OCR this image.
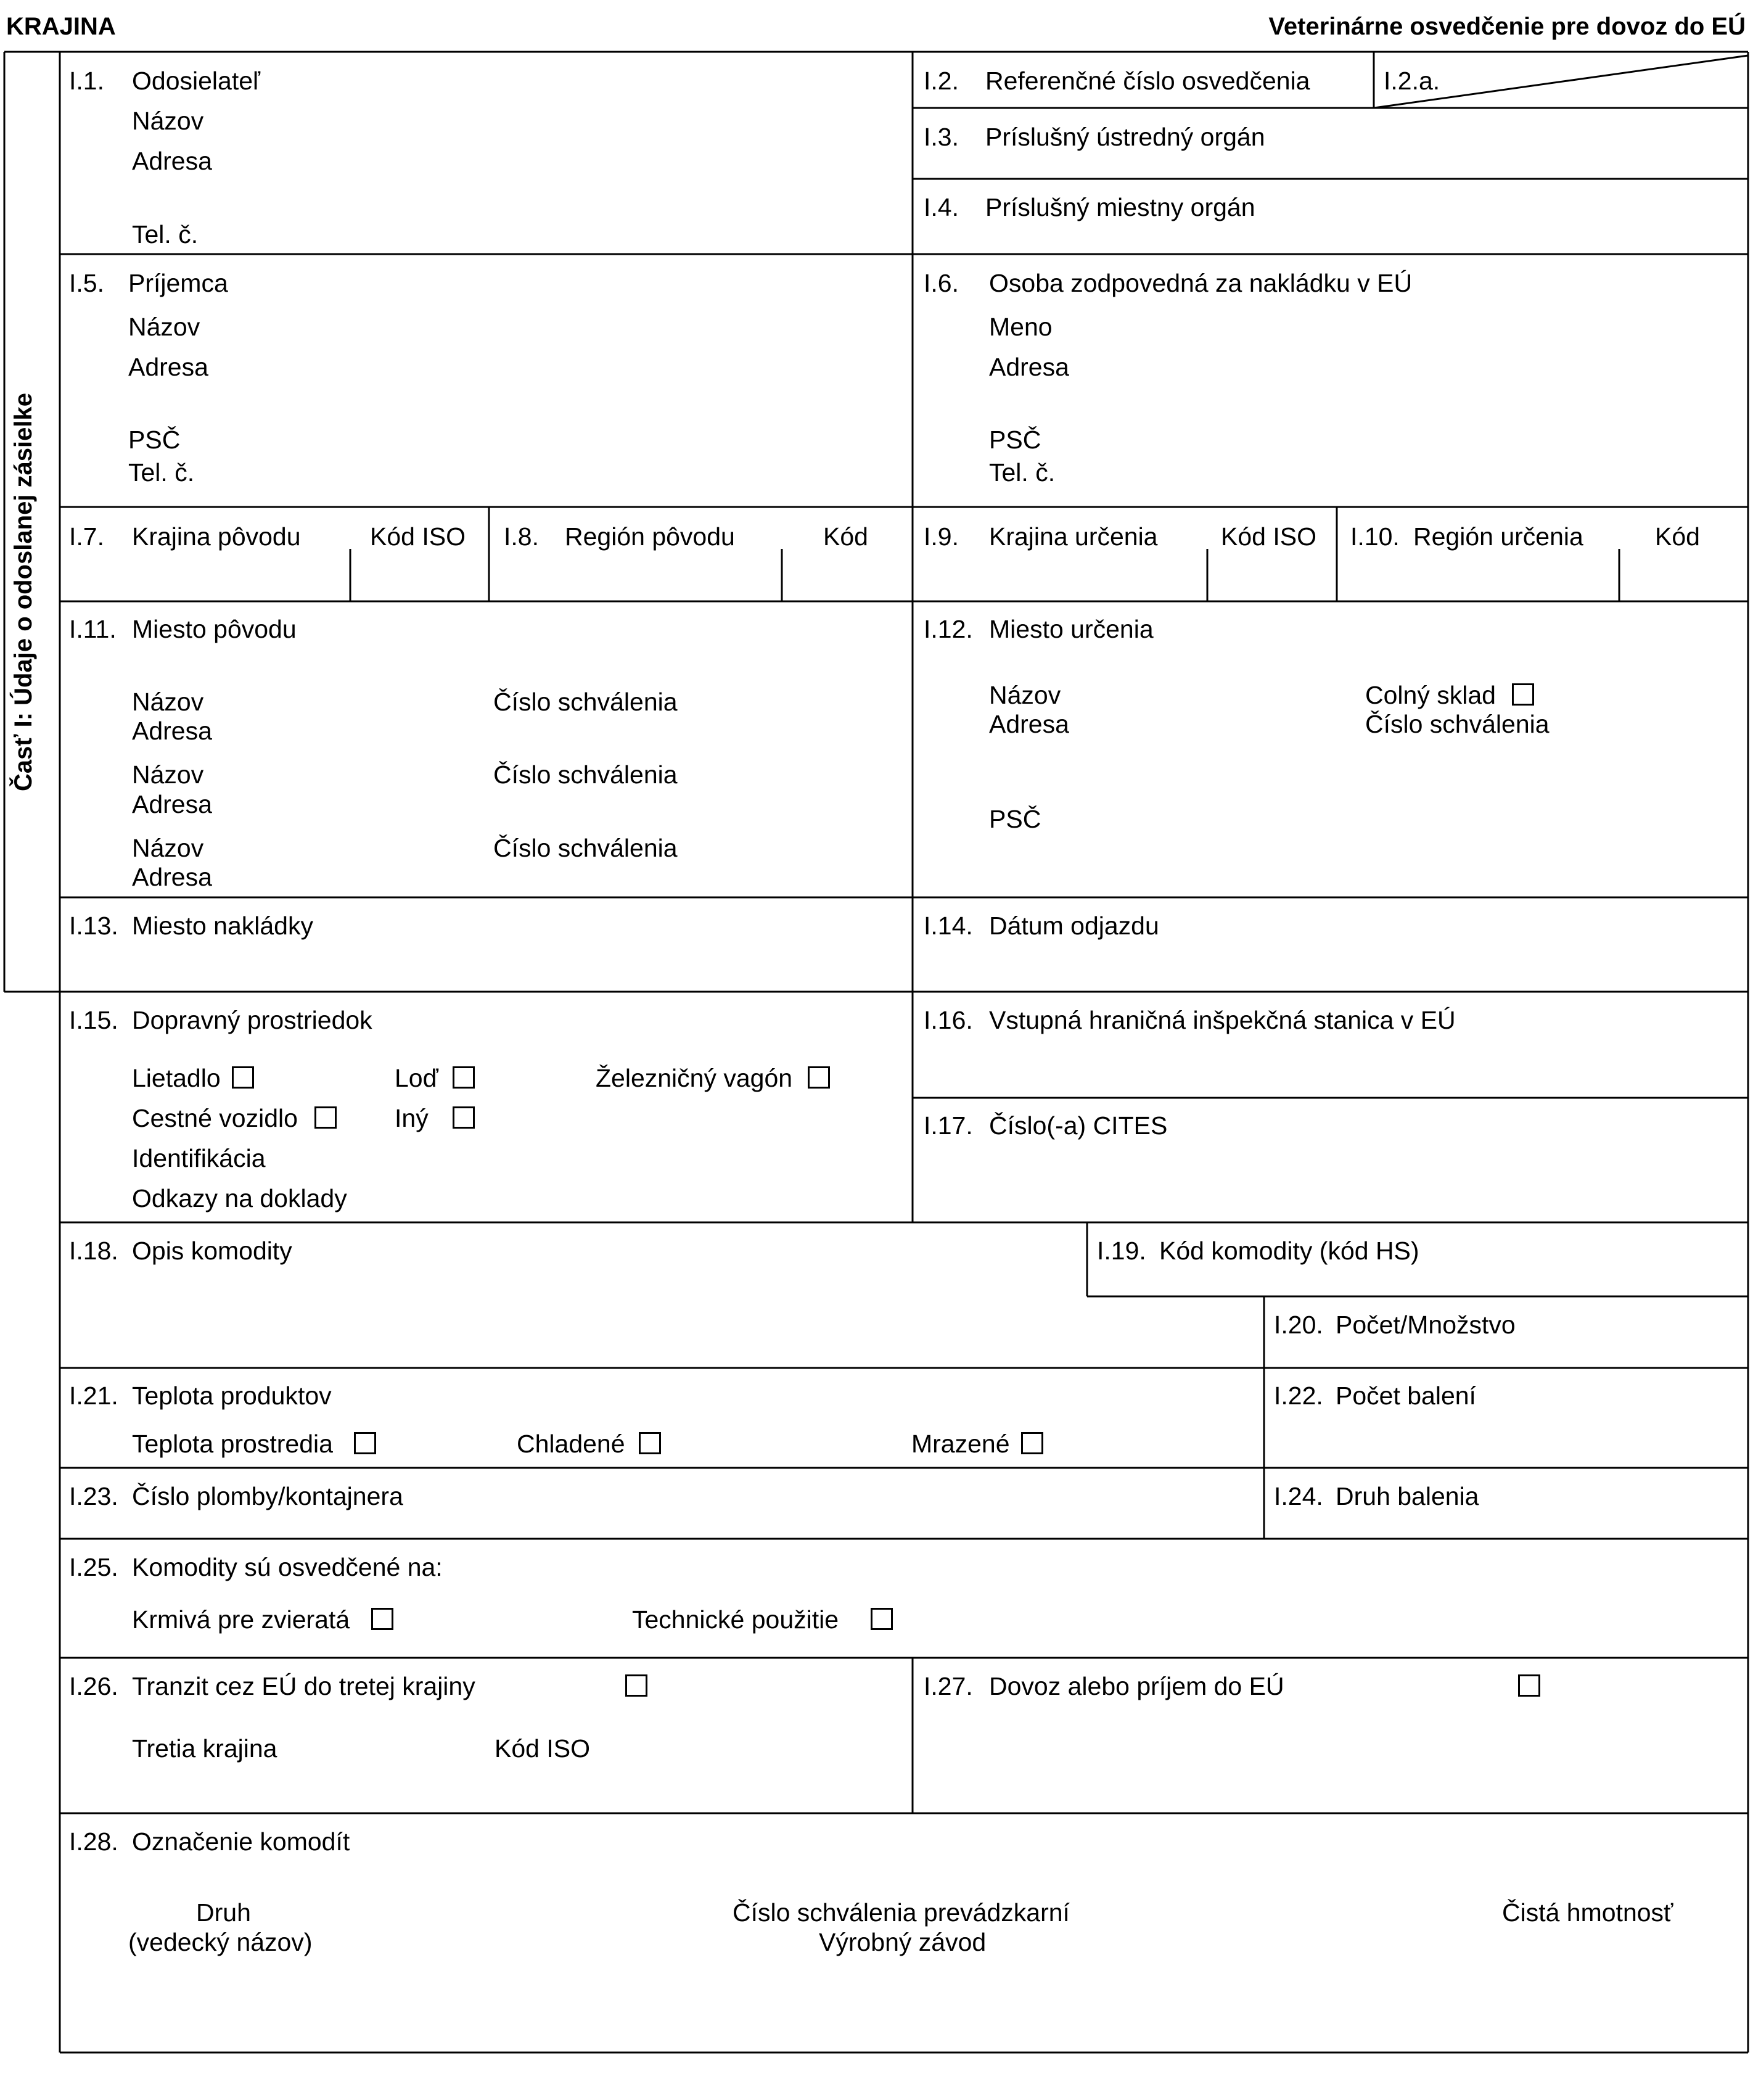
KRAJINA	Veterinárne osvedčenie pre dovoz do EÚ
Časť I: Údaje o odoslanej zásielke
I.1. Odosielateľ
Názov
Adresa
Tel. č.
I.2. Referenčné číslo osvedčenia	I.2.a.
I.3. Príslušný ústredný orgán
I.4. Príslušný miestny orgán
I.5. Príjemca
Názov
Adresa
PSČ
Tel. č.
I.6. Osoba zodpovedná za nakládku v EÚ
Meno
Adresa
PSČ
Tel. č.
I.7. Krajina pôvodu	Kód ISO I.8. Región pôvodu	Kód I.9. Krajina určenia	Kód ISO I.10. Región určenia	Kód
I.11. Miesto pôvodu
Názov	Číslo schválenia
Adresa
Názov	Číslo schválenia
Adresa
Názov	Číslo schválenia
Adresa
I.12. Miesto určenia
Názov	Colný sklad
Adresa	Číslo schválenia
PSČ
I.13. Miesto nakládky	I.14. Dátum odjazdu
I.15. Dopravný prostriedok
Lietadlo	Loď	Železničný vagón
Cestné vozidlo	Iný
Identifikácia
Odkazy na doklady
I.16. Vstupná hraničná inšpekčná stanica v EÚ
I.17. Číslo(-a) CITES
I.18. Opis komodity	I.19. Kód komodity (kód HS)
I.20. Počet/Množstvo
I.21. Teplota produktov
Teplota prostredia	Chladené	Mrazené
I.22. Počet balení
I.23. Číslo plomby/kontajnera	I.24. Druh balenia
I.25. Komodity sú osvedčené na:
Krmivá pre zvieratá	Technické použitie
I.26. Tranzit cez EÚ do tretej krajiny
Tretia krajina	Kód ISO
I.27. Dovoz alebo príjem do EÚ
I.28. Označenie komodít
Druh
(vedecký názov)
Číslo schválenia prevádzkarní
Výrobný závod
Čistá hmotnosť
